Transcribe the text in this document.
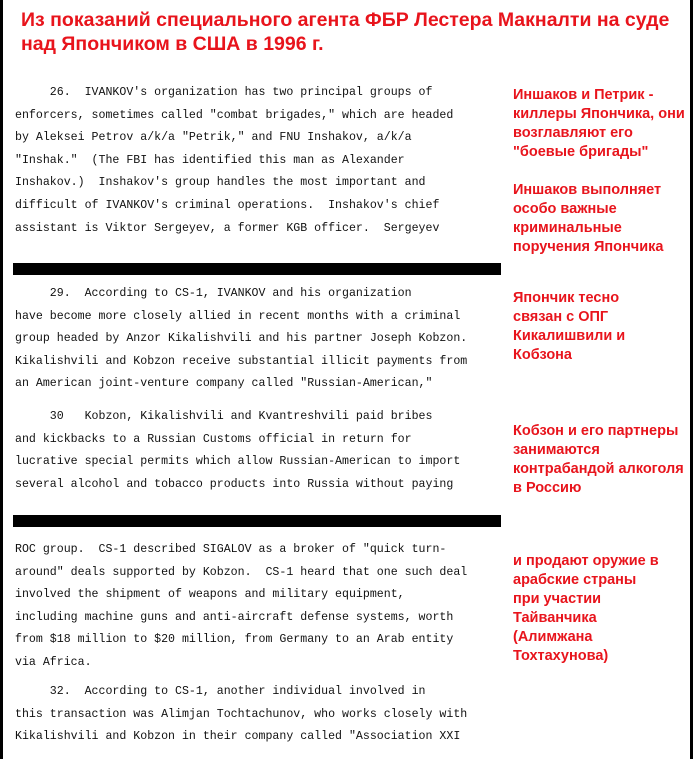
Из показаний специального агента ФБР Лестера Макналти на суде над Япончиком в США в 1996 г.
26.  IVANKOV's organization has two principal groups of
enforcers, sometimes called "combat brigades," which are headed
by Aleksei Petrov a/k/a "Petrik," and FNU Inshakov, a/k/a
"Inshak."  (The FBI has identified this man as Alexander
Inshakov.)  Inshakov's group handles the most important and
difficult of IVANKOV's criminal operations.  Inshakov's chief
assistant is Viktor Sergeyev, a former KGB officer.  Sergeyev
29.  According to CS-1, IVANKOV and his organization
have become more closely allied in recent months with a criminal
group headed by Anzor Kikalishvili and his partner Joseph Kobzon.
Kikalishvili and Kobzon receive substantial illicit payments from
an American joint-venture company called "Russian-American,"
30   Kobzon, Kikalishvili and Kvantreshvili paid bribes
and kickbacks to a Russian Customs official in return for
lucrative special permits which allow Russian-American to import
several alcohol and tobacco products into Russia without paying
ROC group.  CS-1 described SIGALOV as a broker of "quick turn-
around" deals supported by Kobzon.  CS-1 heard that one such deal
involved the shipment of weapons and military equipment,
including machine guns and anti-aircraft defense systems, worth
from $18 million to $20 million, from Germany to an Arab entity
via Africa.
32.  According to CS-1, another individual involved in
this transaction was Alimjan Tochtachunov, who works closely with
Kikalishvili and Kobzon in their company called "Association XXI

Иншаков и Петрик - киллеры Япончика, они возглавляют его "боевые бригады"

Иншаков выполняет особо важные криминальные поручения Япончика

Япончик тесно связан с ОПГ Кикалишвили и Кобзона

Кобзон и его партнеры занимаются контрабандой алкоголя в Россию

и продают оружие в арабские страны при участии Тайванчика (Алимжана Тохтахунова)
